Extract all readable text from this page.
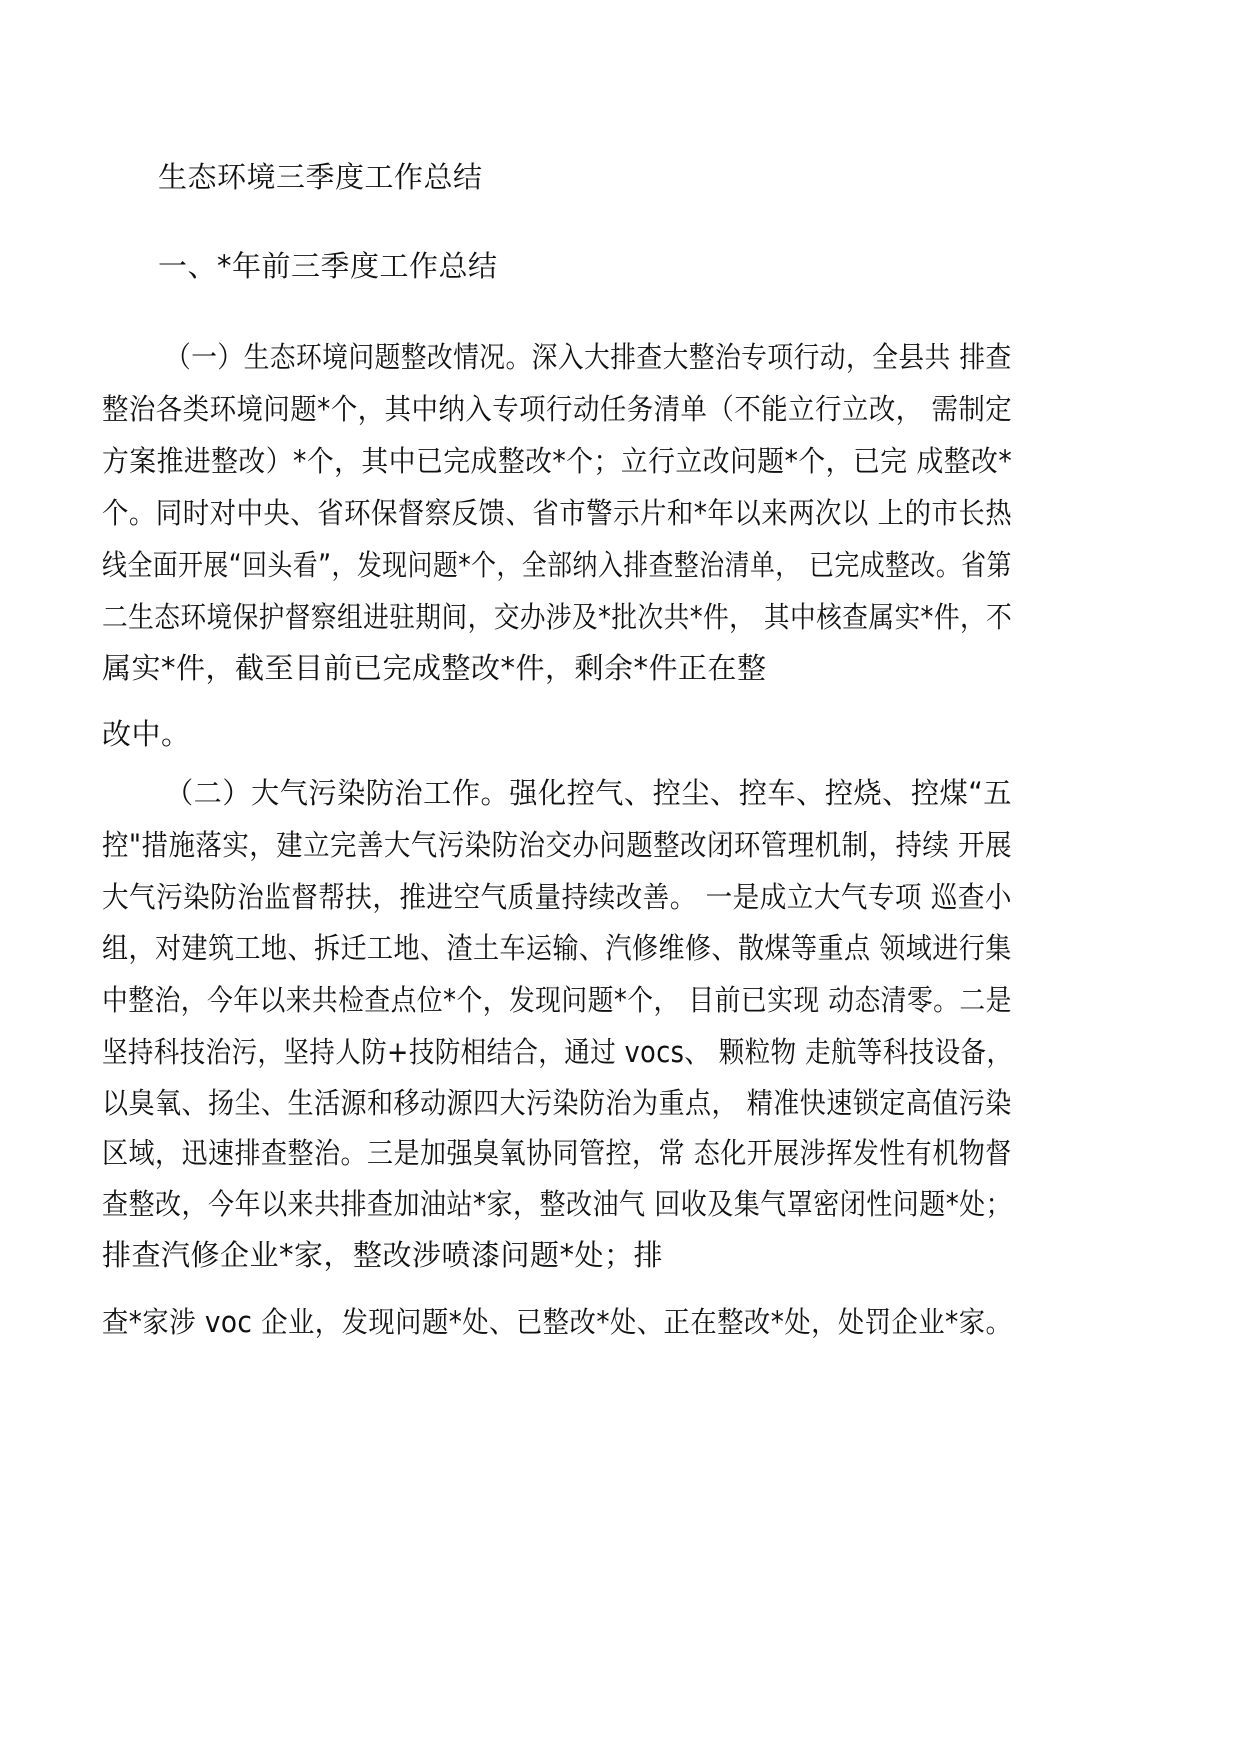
生态环境三季度工作总结
一、*年前三季度工作总结
（一）生态环境问题整改情况。深入大排查大整治专项行动，全县共 排查
整治各类环境问题*个，其中纳入专项行动任务清单（不能立行立改， 需制定
方案推进整改）*个，其中已完成整改*个；立行立改问题*个，已完 成整改*
个。同时对中央、省环保督察反馈、省市警示片和*年以来两次以 上的市长热
线全面开展“回头看”，发现问题*个，全部纳入排查整治清单， 已完成整改。省第
二生态环境保护督察组进驻期间，交办涉及*批次共*件， 其中核查属实*件，不
属实*件，截至目前已完成整改*件，剩余*件正在整
改中。
（二）大气污染防治工作。强化控气、控尘、控车、控烧、控煤“五
控"措施落实，建立完善大气污染防治交办问题整改闭环管理机制，持续 开展
大气污染防治监督帮扶，推进空气质量持续改善。 一是成立大气专项 巡查小
组，对建筑工地、拆迁工地、渣土车运输、汽修维修、散煤等重点 领域进行集
中整治，今年以来共检查点位*个，发现问题*个， 目前已实现 动态清零。二是
坚持科技治污，坚持人防+技防相结合，通过 vocs、 颗粒物 走航等科技设备，
以臭氧、扬尘、生活源和移动源四大污染防治为重点， 精准快速锁定高值污染
区域，迅速排查整治。三是加强臭氧协同管控，常 态化开展涉挥发性有机物督
查整改，今年以来共排查加油站*家，整改油气 回收及集气罩密闭性问题*处；
排查汽修企业*家，整改涉喷漆问题*处；排
查*家涉 voc 企业，发现问题*处、已整改*处、正在整改*处，处罚企业*家。
